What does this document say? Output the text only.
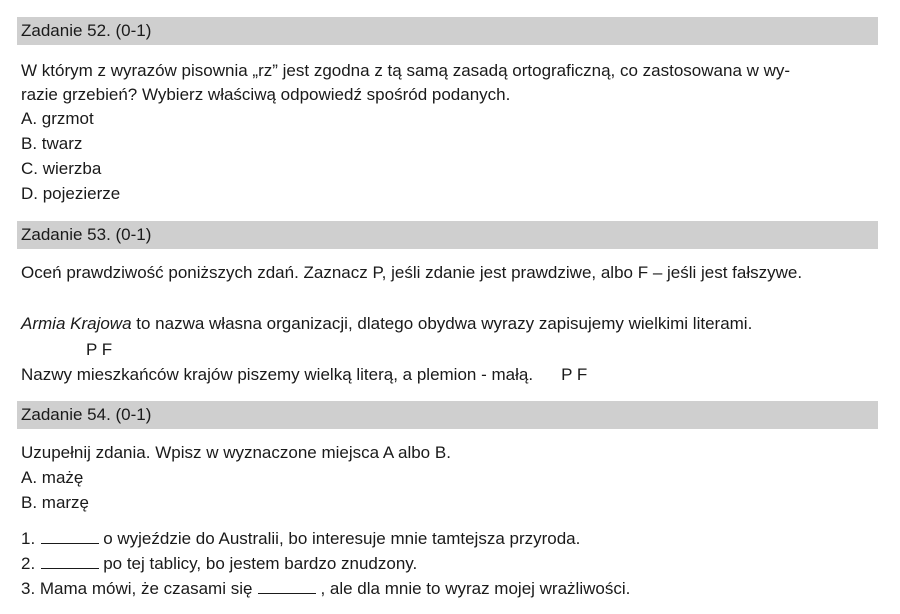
Zadanie 52. (0-1)
W którym z wyrazów pisownia „rz” jest zgodna z tą samą zasadą ortograficzną, co zastosowana w wy-
razie grzebień? Wybierz właściwą odpowiedź spośród podanych.
A. grzmot
B. twarz
C. wierzba
D. pojezierze
Zadanie 53. (0-1)
Oceń prawdziwość poniższych zdań. Zaznacz P, jeśli zdanie jest prawdziwe, albo F – jeśli jest fałszywe.
Armia Krajowa to nazwa własna organizacji, dlatego obydwa wyrazy zapisujemy wielkimi literami.
P F
Nazwy mieszkańców krajów piszemy wielką literą, a plemion - małą. P F
Zadanie 54. (0-1)
Uzupełnij zdania. Wpisz w wyznaczone miejsca A albo B.
A. mażę
B. marzę
1.	o wyjeździe do Australii, bo interesuje mnie tamtejsza przyroda.
2.	po tej tablicy, bo jestem bardzo znudzony.
3. Mama mówi, że czasami się	, ale dla mnie to wyraz mojej wrażliwości.
